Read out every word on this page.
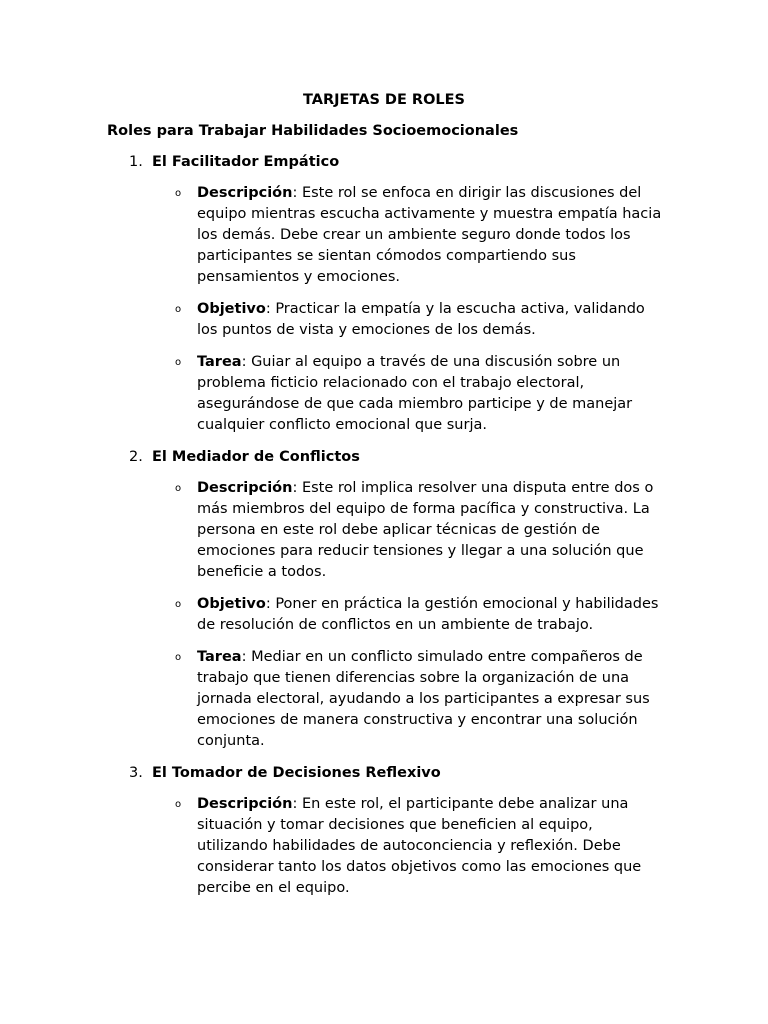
TARJETAS DE ROLES
Roles para Trabajar Habilidades Socioemocionales
1. El Facilitador Empático
o	Descripción: Este rol se enfoca en dirigir las discusiones del equipo mientras escucha activamente y muestra empatía hacia los demás. Debe crear un ambiente seguro donde todos los participantes se sientan cómodos compartiendo sus pensamientos y emociones.
o	Objetivo: Practicar la empatía y la escucha activa, validando los puntos de vista y emociones de los demás.
o	Tarea: Guiar al equipo a través de una discusión sobre un problema ficticio relacionado con el trabajo electoral, asegurándose de que cada miembro participe y de manejar cualquier conflicto emocional que surja.
2. El Mediador de Conflictos
o	Descripción: Este rol implica resolver una disputa entre dos o más miembros del equipo de forma pacífica y constructiva. La persona en este rol debe aplicar técnicas de gestión de emociones para reducir tensiones y llegar a una solución que beneficie a todos.
o	Objetivo: Poner en práctica la gestión emocional y habilidades de resolución de conflictos en un ambiente de trabajo.
o	Tarea: Mediar en un conflicto simulado entre compañeros de trabajo que tienen diferencias sobre la organización de una jornada electoral, ayudando a los participantes a expresar sus emociones de manera constructiva y encontrar una solución conjunta.
3. El Tomador de Decisiones Reflexivo
o	Descripción: En este rol, el participante debe analizar una situación y tomar decisiones que beneficien al equipo, utilizando habilidades de autoconciencia y reflexión. Debe considerar tanto los datos objetivos como las emociones que percibe en el equipo.
